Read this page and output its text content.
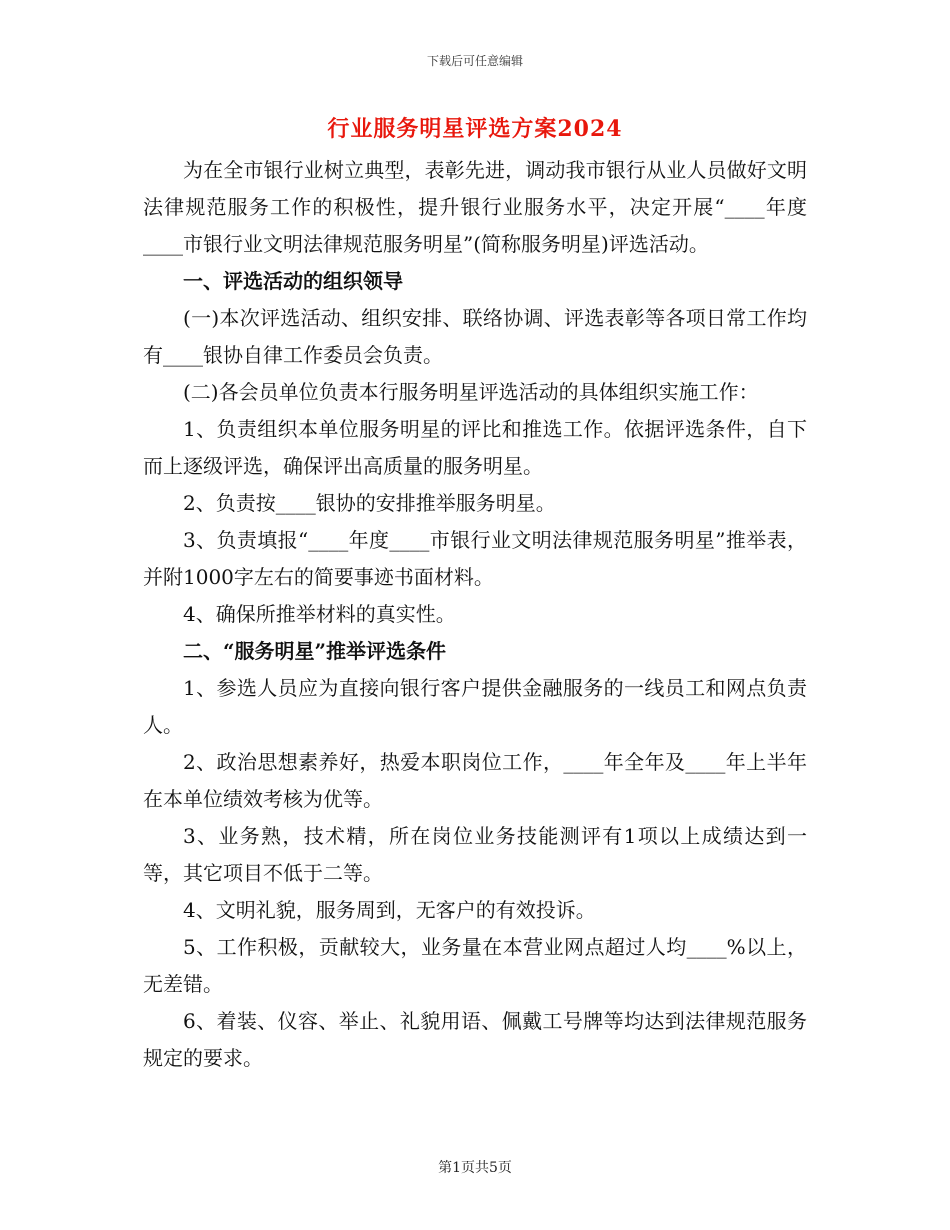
下载后可任意编辑
行业服务明星评选方案2024

为在全市银行业树立典型，表彰先进，调动我市银行从业人员做好文明法律规范服务工作的积极性，提升银行业服务水平，决定开展“____年度____市银行业文明法律规范服务明星”(简称服务明星)评选活动。

一、评选活动的组织领导

(一)本次评选活动、组织安排、联络协调、评选表彰等各项日常工作均有____银协自律工作委员会负责。

(二)各会员单位负责本行服务明星评选活动的具体组织实施工作：

1、负责组织本单位服务明星的评比和推选工作。依据评选条件，自下而上逐级评选，确保评出高质量的服务明星。

2、负责按____银协的安排推举服务明星。

3、负责填报“____年度____市银行业文明法律规范服务明星”推举表，并附1000字左右的简要事迹书面材料。

4、确保所推举材料的真实性。

二、“服务明星”推举评选条件

1、参选人员应为直接向银行客户提供金融服务的一线员工和网点负责人。

2、政治思想素养好，热爱本职岗位工作，____年全年及____年上半年在本单位绩效考核为优等。

3、业务熟，技术精，所在岗位业务技能测评有1项以上成绩达到一等，其它项目不低于二等。

4、文明礼貌，服务周到，无客户的有效投诉。

5、工作积极，贡献较大，业务量在本营业网点超过人均____%以上，无差错。

6、着装、仪容、举止、礼貌用语、佩戴工号牌等均达到法律规范服务规定的要求。

第1页共5页
